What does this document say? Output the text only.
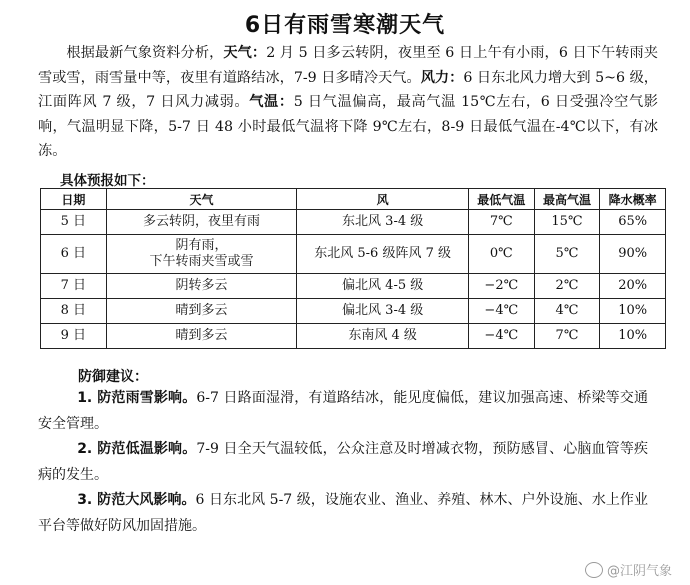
6日有雨雪寒潮天气
根据最新气象资料分析，天气：2 月 5 日多云转阴，夜里至 6 日上午有小雨，6 日下午转雨夹雪或雪，雨雪量中等，夜里有道路结冰，7-9 日多晴冷天气。风力：6 日东北风力增大到 5~6 级，江面阵风 7 级，7 日风力减弱。气温：5 日气温偏高，最高气温 15℃左右，6 日受强冷空气影响，气温明显下降，5-7 日 48 小时最低气温将下降 9℃左右，8-9 日最低气温在-4℃以下，有冰冻。
具体预报如下：
日期	天气	风	最低气温	最高气温	降水概率
5 日	多云转阴，夜里有雨	东北风 3-4 级	7℃	15℃	65%
6 日	阴有雨，
下午转雨夹雪或雪	东北风 5-6 级阵风 7 级	0℃	5℃	90%
7 日	阴转多云	偏北风 4-5 级	−2℃	2℃	20%
8 日	晴到多云	偏北风 3-4 级	−4℃	4℃	10%
9 日	晴到多云	东南风 4 级	−4℃	7℃	10%
防御建议：
1. 防范雨雪影响。6-7 日路面湿滑，有道路结冰，能见度偏低，建议加强高速、桥梁等交通安全管理。
2. 防范低温影响。7-9 日全天气温较低，公众注意及时增减衣物，预防感冒、心脑血管等疾病的发生。
3. 防范大风影响。6 日东北风 5-7 级，设施农业、渔业、养殖、林木、户外设施、水上作业平台等做好防风加固措施。
@江阴气象
